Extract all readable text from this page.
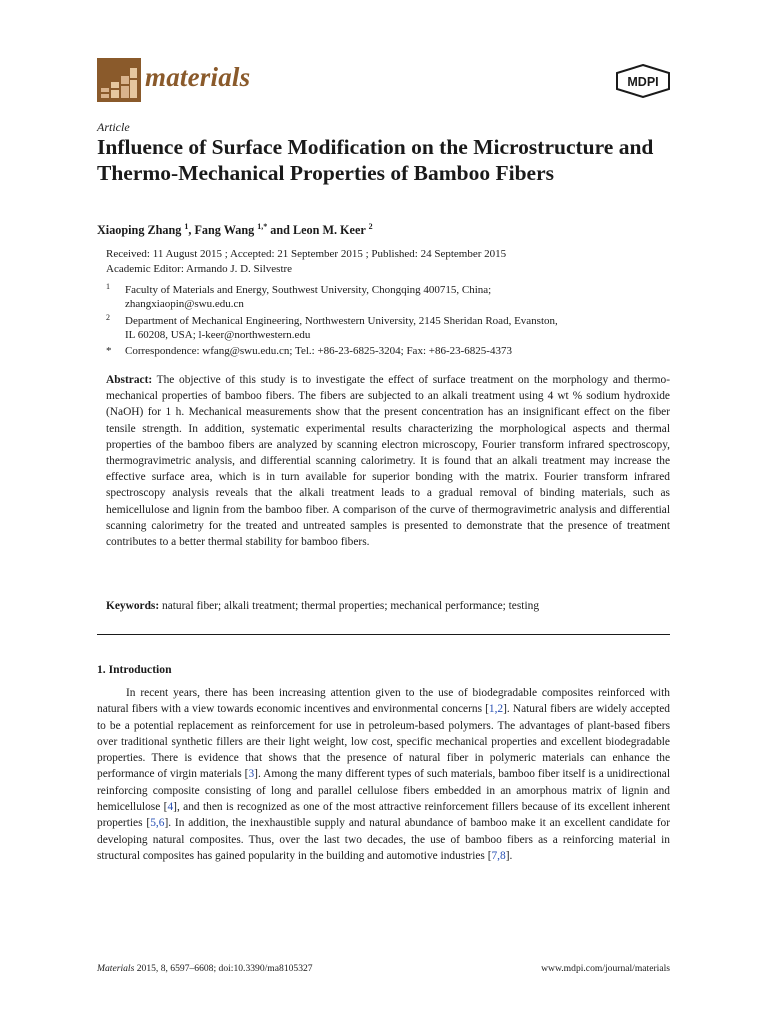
materials	MDPI
Article
Influence of Surface Modification on the Microstructure and Thermo-Mechanical Properties of Bamboo Fibers
Xiaoping Zhang $^1$, Fang Wang $^{1,*}$ and Leon M. Keer $^2$
Received: 11 August 2015 ; Accepted: 21 September 2015 ; Published: 24 September 2015
Academic Editor: Armando J. D. Silvestre
1 Faculty of Materials and Energy, Southwest University, Chongqing 400715, China;
zhangxiaopin@swu.edu.cn
2 Department of Mechanical Engineering, Northwestern University, 2145 Sheridan Road, Evanston,
IL 60208, USA; l-keer@northwestern.edu
* Correspondence: wfang@swu.edu.cn; Tel.: +86-23-6825-3204; Fax: +86-23-6825-4373
Abstract: The objective of this study is to investigate the effect of surface treatment on the morphology and thermo-mechanical properties of bamboo fibers. The fibers are subjected to an alkali treatment using 4 wt % sodium hydroxide (NaOH) for 1 h. Mechanical measurements show that the present concentration has an insignificant effect on the fiber tensile strength. In addition, systematic experimental results characterizing the morphological aspects and thermal properties of the bamboo fibers are analyzed by scanning electron microscopy, Fourier transform infrared spectroscopy, thermogravimetric analysis, and differential scanning calorimetry. It is found that an alkali treatment may increase the effective surface area, which is in turn available for superior bonding with the matrix. Fourier transform infrared spectroscopy analysis reveals that the alkali treatment leads to a gradual removal of binding materials, such as hemicellulose and lignin from the bamboo fiber. A comparison of the curve of thermogravimetric analysis and differential scanning calorimetry for the treated and untreated samples is presented to demonstrate that the presence of treatment contributes to a better thermal stability for bamboo fibers.
Keywords: natural fiber; alkali treatment; thermal properties; mechanical performance; testing
1. Introduction

In recent years, there has been increasing attention given to the use of biodegradable composites reinforced with natural fibers with a view towards economic incentives and environmental concerns [1,2]. Natural fibers are widely accepted to be a potential replacement as reinforcement for use in petroleum-based polymers. The advantages of plant-based fibers over traditional synthetic fillers are their light weight, low cost, specific mechanical properties and excellent biodegradable properties. There is evidence that shows that the presence of natural fiber in polymeric materials can enhance the performance of virgin materials [3]. Among the many different types of such materials, bamboo fiber itself is a unidirectional reinforcing composite consisting of long and parallel cellulose fibers embedded in an amorphous matrix of lignin and hemicellulose [4], and then is recognized as one of the most attractive reinforcement fillers because of its excellent inherent properties [5,6]. In addition, the inexhaustible supply and natural abundance of bamboo make it an excellent candidate for developing natural composites. Thus, over the last two decades, the use of bamboo fibers as a reinforcing material in structural composites has gained popularity in the building and automotive industries [7,8].

Materials 2015, 8, 6597–6608; doi:10.3390/ma8105327	www.mdpi.com/journal/materials
